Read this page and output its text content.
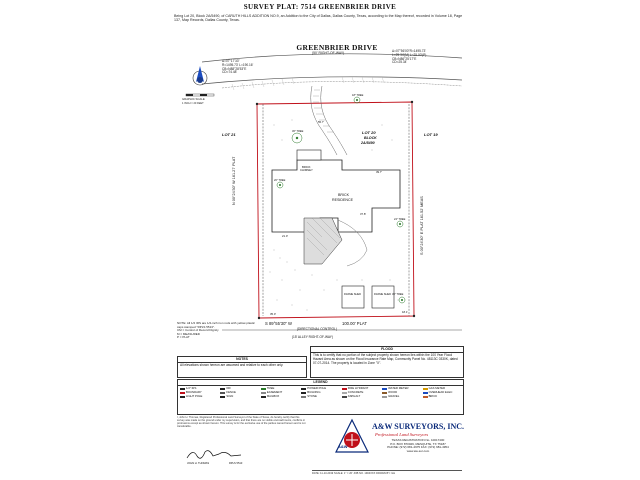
SURVEY PLAT: 7514 GREENBRIER DRIVE
Being Lot 20, Block 2A/5490, of CARUTH HILLS ADDITION NO.9, an Addition to the City of Dallas, Dallas County, Texas, according to the Map thereof, recorded in Volume 18, Page 137, Map Records, Dallas County, Texas.
GREENBRIER DRIVE
(50' RIGHT-OF-WAY)
Δ=07°17'33"
R=1495.73' L=190.16'
CB=N88°28'53"E
CD=74.48'
Δ=07°56'00"R=1495.73'
L=25.34'(M) L=25.00'(P)
CB=N86°25'17"E
CD=25.34'
GRAPHIC SCALE
1 INCH = 20 FEET
LOT 21	LOT 20
BLOCK
2A/5490
LOT 19
N 00°24'30" W 161.27' PLAT
S 00°24'30" E PLAT 161.52' MEAS
S 89°55'30" W	100.00' PLAT
(DIRECTIONAL CONTROL)
(15' ALLEY RIGHT-OF-WAY)
BRICK
RESIDENCE
BRICK
CHIMNEY
FRAME SHED	FRAME SHED
36" TREE
18" TREE
20" TREE
24" TREE
30" TREE
55.7'
37.8'
21.0'
35.0'	18.1'
39.7'
NOTE: All 1/2 IRS are 1/2-inch iron rods with yellow plastic caps stamped "RPLS 5513".
CM = Control of Record Dignity
M = MEASURED
P = PLAT
NOTES
All elevations shown hereon are assumed and relative to each other only.
FLOOD
This is to certify that no portion of the subject property shown hereon lies within the 100 Year Flood Hazard Area as shown on the Flood Insurance Rate Map, Community Panel No. 48113C 0330K, dated 07-07-2014. The property is located in Zone "X".
LEGEND
1/2" IRS	IRF	TREE	POWER POLE	FIRE HYDRANT	WATER METER	GAS METER
BOUNDARY	FENCE	EASEMENT	BUILDING	CONCRETE	WOOD	OVERHEAD ELEC
LIGHT POLE	SIGN	MAILBOX	STONE	ASPHALT	GRAVEL	BRICK
I, John H. Thomas, Registered Professional Land Surveyor of the State of Texas, do hereby certify that this survey was made on the ground under my supervision, and that there are no visible encroachments, conflicts or protrusions except as shown hereon. This survey is for the exclusive use of the parties named hereon and is not transferable.
JOHN H. THOMAS	RPLS 5513
A&W
A&W SURVEYORS, INC.
Professional Land Surveyors
TEXAS REGISTRATION No. 10017400
P.O. BOX 870029, MESQUITE, TX 75187
PHONE: (972) 681-4975 FAX: (972) 681-4954
www.aw-sur.com
DATE: 11-13-2019 SCALE: 1" = 20' JOB NO. 1904XXX DRAWN BY: GH
